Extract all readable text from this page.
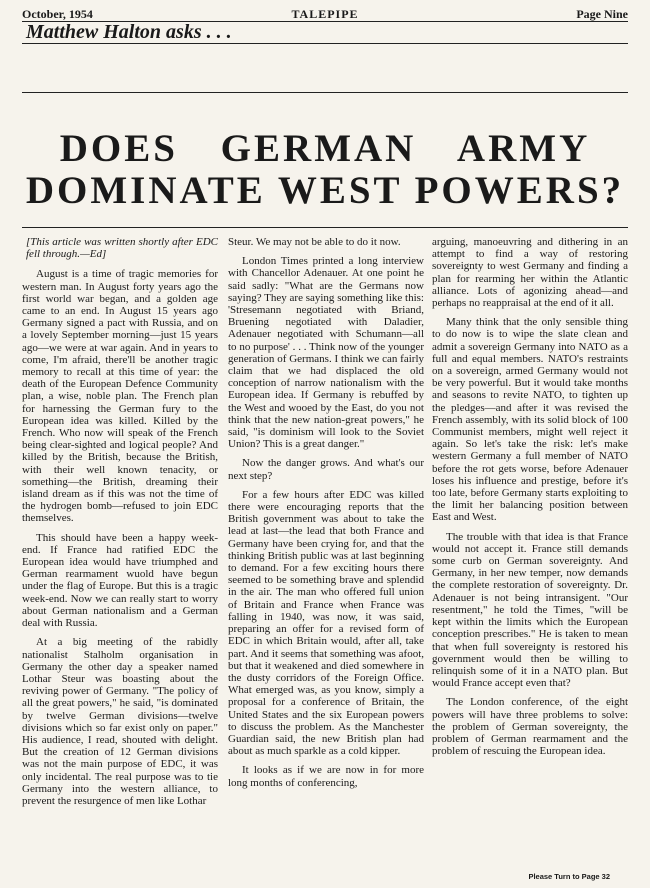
October, 1954	TALEPIPE	Page Nine
Matthew Halton asks . . .
DOES GERMAN ARMY
DOMINATE WEST POWERS?

[This article was written shortly after EDC fell through.—Ed]

August is a time of tragic memories for western man. In August forty years ago the first world war began, and a golden age came to an end. In August 15 years ago Germany signed a pact with Russia, and on a lovely September morning—just 15 years ago—we were at war again. And in years to come, I'm afraid, there'll be another tragic memory to recall at this time of year: the death of the European Defence Community plan, a wise, noble plan. The French plan for harnessing the German fury to the European idea was killed. Killed by the French. Who now will speak of the French being clear-sighted and logical people? And killed by the British, because the British, with their well known tenacity, or something—the British, dreaming their island dream as if this was not the time of the hydrogen bomb—refused to join EDC themselves.

This should have been a happy week-end. If France had ratified EDC the European idea would have triumphed and German rearmament wuold have begun under the flag of Europe. But this is a tragic week-end. Now we can really start to worry about German nationalism and a German deal with Russia.

At a big meeting of the rabidly nationalist Stalholm organisation in Germany the other day a speaker named Lothar Steur was boasting about the reviving power of Germany. "The policy of all the great powers," he said, "is dominated by twelve German divisions—twelve divisions which so far exist only on paper." His audience, I read, shouted with delight. But the creation of 12 German divisions was not the main purpose of EDC, it was only incidental. The real purpose was to tie Germany into the western alliance, to prevent the resurgence of men like Lothar

Steur. We may not be able to do it now.

London Times printed a long interview with Chancellor Adenauer. At one point he said sadly: "What are the Germans now saying? They are saying something like this: 'Stresemann negotiated with Briand, Bruening negotiated with Daladier, Adenauer negotiated with Schumann—all to no purpose' . . . Think now of the younger generation of Germans. I think we can fairly claim that we had displaced the old conception of narrow nationalism with the European idea. If Germany is rebuffed by the West and wooed by the East, do you not think that the new nation-great powers," he said, "is dominism will look to the Soviet Union? This is a great danger."

Now the danger grows. And what's our next step?

For a few hours after EDC was killed there were encouraging reports that the British government was about to take the lead at last—the lead that both France and Germany have been crying for, and that the thinking British public was at last beginning to demand. For a few exciting hours there seemed to be something brave and splendid in the air. The man who offered full union of Britain and France when France was falling in 1940, was now, it was said, preparing an offer for a revised form of EDC in which Britain would, after all, take part. And it seems that something was afoot, but that it weakened and died somewhere in the dusty corridors of the Foreign Office. What emerged was, as you know, simply a proposal for a conference of Britain, the United States and the six European powers to discuss the problem. As the Manchester Guardian said, the new British plan had about as much sparkle as a cold kipper.

It looks as if we are now in for more long months of conferencing,

arguing, manoeuvring and dithering in an attempt to find a way of restoring sovereignty to west Germany and finding a plan for rearming her within the Atlantic alliance. Lots of agonizing ahead—and perhaps no reappraisal at the end of it all.

Many think that the only sensible thing to do now is to wipe the slate clean and admit a sovereign Germany into NATO as a full and equal members. NATO's restraints on a sovereign, armed Germany would not be very powerful. But it would take months and seasons to revite NATO, to tighten up the pledges—and after it was revised the French assembly, with its solid block of 100 Communist members, might well reject it again. So let's take the risk: let's make western Germany a full member of NATO before the rot gets worse, before Adenauer loses his influence and prestige, before it's too late, before Germany starts exploiting to the limit her balancing position between East and West.

The trouble with that idea is that France would not accept it. France still demands some curb on German sovereignty. And Germany, in her new temper, now demands the complete restoration of sovereignty. Dr. Adenauer is not being intransigent. "Our resentment," he told the Times, "will be kept within the limits which the European conception prescribes." He is taken to mean that when full sovereignty is restored his government would then be willing to relinquish some of it in a NATO plan. But would France accept even that?

The London conference, of the eight powers will have three problems to solve: the problem of German sovereignty, the problem of German rearmament and the problem of rescuing the European idea.

Please Turn to Page 32
